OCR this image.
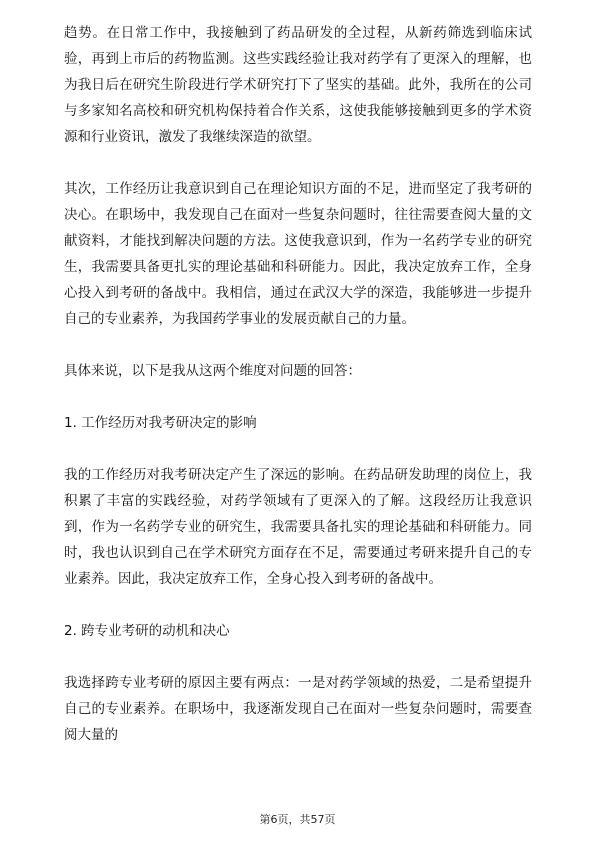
趋势。在日常工作中，我接触到了药品研发的全过程，从新药筛选到临床试验，再到上市后的药物监测。这些实践经验让我对药学有了更深入的理解，也为我日后在研究生阶段进行学术研究打下了坚实的基础。此外，我所在的公司与多家知名高校和研究机构保持着合作关系，这使我能够接触到更多的学术资源和行业资讯，激发了我继续深造的欲望。

其次，工作经历让我意识到自己在理论知识方面的不足，进而坚定了我考研的决心。在职场中，我发现自己在面对一些复杂问题时，往往需要查阅大量的文献资料，才能找到解决问题的方法。这使我意识到，作为一名药学专业的研究生，我需要具备更扎实的理论基础和科研能力。因此，我决定放弃工作，全身心投入到考研的备战中。我相信，通过在武汉大学的深造，我能够进一步提升自己的专业素养，为我国药学事业的发展贡献自己的力量。

具体来说，以下是我从这两个维度对问题的回答：

1. 工作经历对我考研决定的影响

我的工作经历对我考研决定产生了深远的影响。在药品研发助理的岗位上，我积累了丰富的实践经验，对药学领域有了更深入的了解。这段经历让我意识到，作为一名药学专业的研究生，我需要具备扎实的理论基础和科研能力。同时，我也认识到自己在学术研究方面存在不足，需要通过考研来提升自己的专业素养。因此，我决定放弃工作，全身心投入到考研的备战中。

2. 跨专业考研的动机和决心

我选择跨专业考研的原因主要有两点：一是对药学领域的热爱，二是希望提升自己的专业素养。在职场中，我逐渐发现自己在面对一些复杂问题时，需要查阅大量的

第6页，共57页
